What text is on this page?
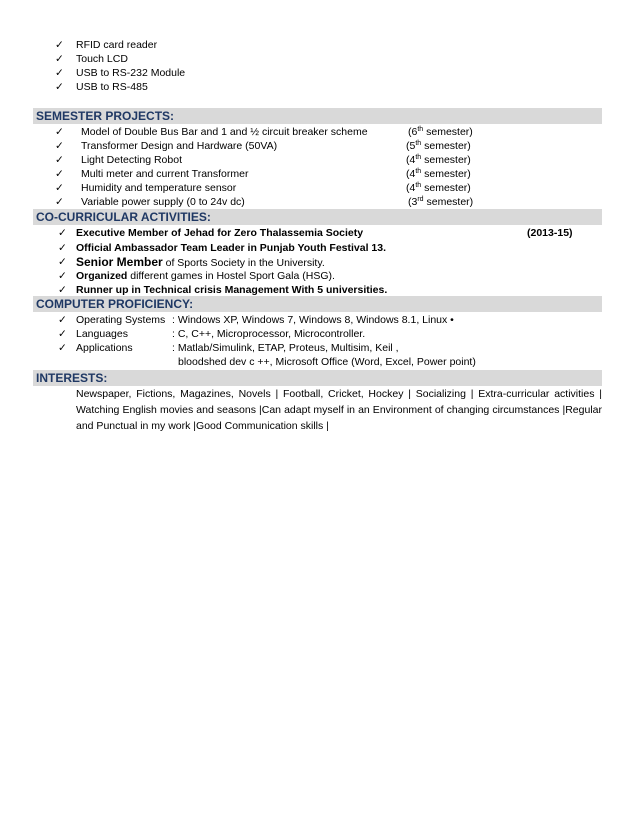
✓ RFID card reader
✓ Touch LCD
✓ USB to RS-232 Module
✓ USB to RS-485
SEMESTER PROJECTS:
✓ Model of Double Bus Bar and 1 and ½ circuit breaker scheme	(6th semester)
✓ Transformer Design and Hardware (50VA)	(5th semester)
✓ Light Detecting Robot	(4th semester)
✓ Multi meter and current Transformer	(4th semester)
✓ Humidity and temperature sensor	(4th semester)
✓ Variable power supply (0 to 24v dc)	(3rd semester)
CO-CURRICULAR ACTIVITIES:
✓ Executive Member of Jehad for Zero Thalassemia Society	(2013-15)
✓ Official Ambassador Team Leader in Punjab Youth Festival 13.
✓ Senior Member of Sports Society in the University.
✓ Organized different games in Hostel Sport Gala (HSG).
✓ Runner up in Technical crisis Management With 5 universities.
COMPUTER PROFICIENCY:
✓ Operating Systems : Windows XP, Windows 7, Windows 8, Windows 8.1, Linux •
✓ Languages	: C, C++, Microprocessor, Microcontroller.
✓ Applications	: Matlab/Simulink, ETAP, Proteus, Multisim, Keil ,
bloodshed dev c ++, Microsoft Office (Word, Excel, Power point)
INTERESTS:
Newspaper, Fictions, Magazines, Novels | Football, Cricket, Hockey | Socializing | Extra-curricular activities | Watching English movies and seasons |Can adapt myself in an Environment of changing circumstances |Regular and Punctual in my work |Good Communication skills |
